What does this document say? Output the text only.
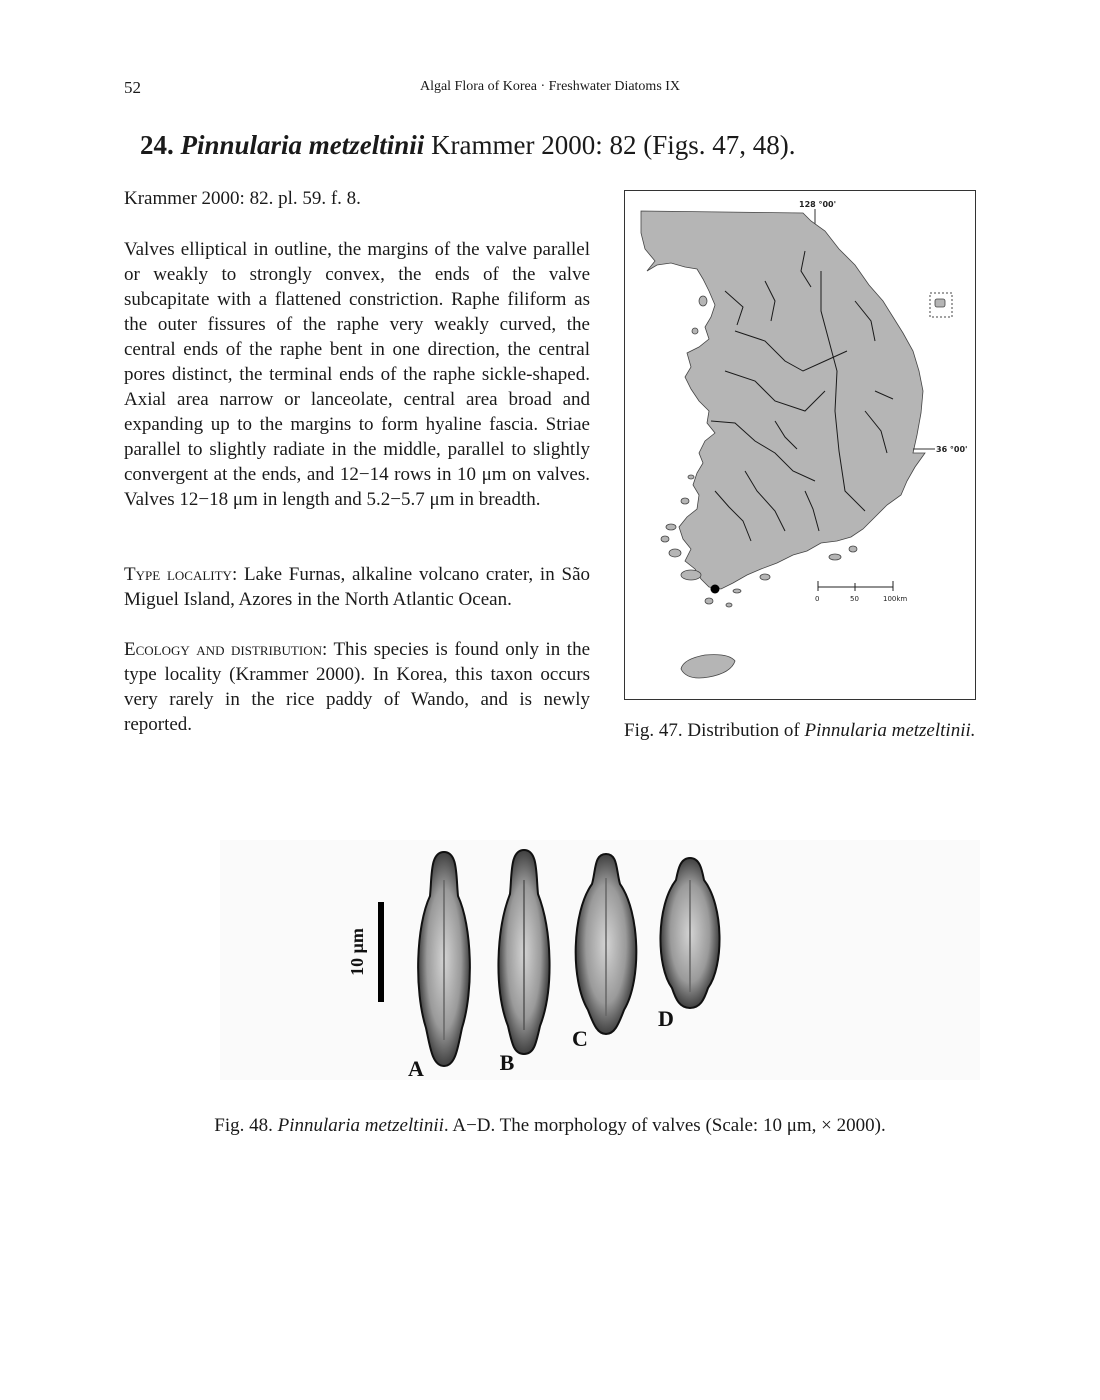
52	Algal Flora of Korea · Freshwater Diatoms IX
24. Pinnularia metzeltinii Krammer 2000: 82 (Figs. 47, 48).
Krammer 2000: 82. pl. 59. f. 8.
Valves elliptical in outline, the margins of the valve parallel or weakly to strongly convex, the ends of the valve subcapitate with a flattened constriction. Raphe filiform as the outer fissures of the raphe very weakly curved, the central ends of the raphe bent in one direction, the central pores distinct, the terminal ends of the raphe sickle-shaped. Axial area narrow or lanceolate, central area broad and expanding up to the margins to form hyaline fascia. Striae parallel to slightly radiate in the middle, parallel to slightly convergent at the ends, and 12−14 rows in 10 μm on valves. Valves 12−18 μm in length and 5.2−5.7 μm in breadth.
Type locality: Lake Furnas, alkaline volcano crater, in São Miguel Island, Azores in the North Atlantic Ocean.
Ecology and distribution: This species is found only in the type locality (Krammer 2000). In Korea, this taxon occurs very rarely in the rice paddy of Wando, and is newly reported.
128 °00'
36 °00'
0	50	100km
Fig. 47. Distribution of Pinnularia metzeltinii.
10 μm
A	B
C
D
Fig. 48. Pinnularia metzeltinii. A−D. The morphology of valves (Scale: 10 μm, × 2000).
